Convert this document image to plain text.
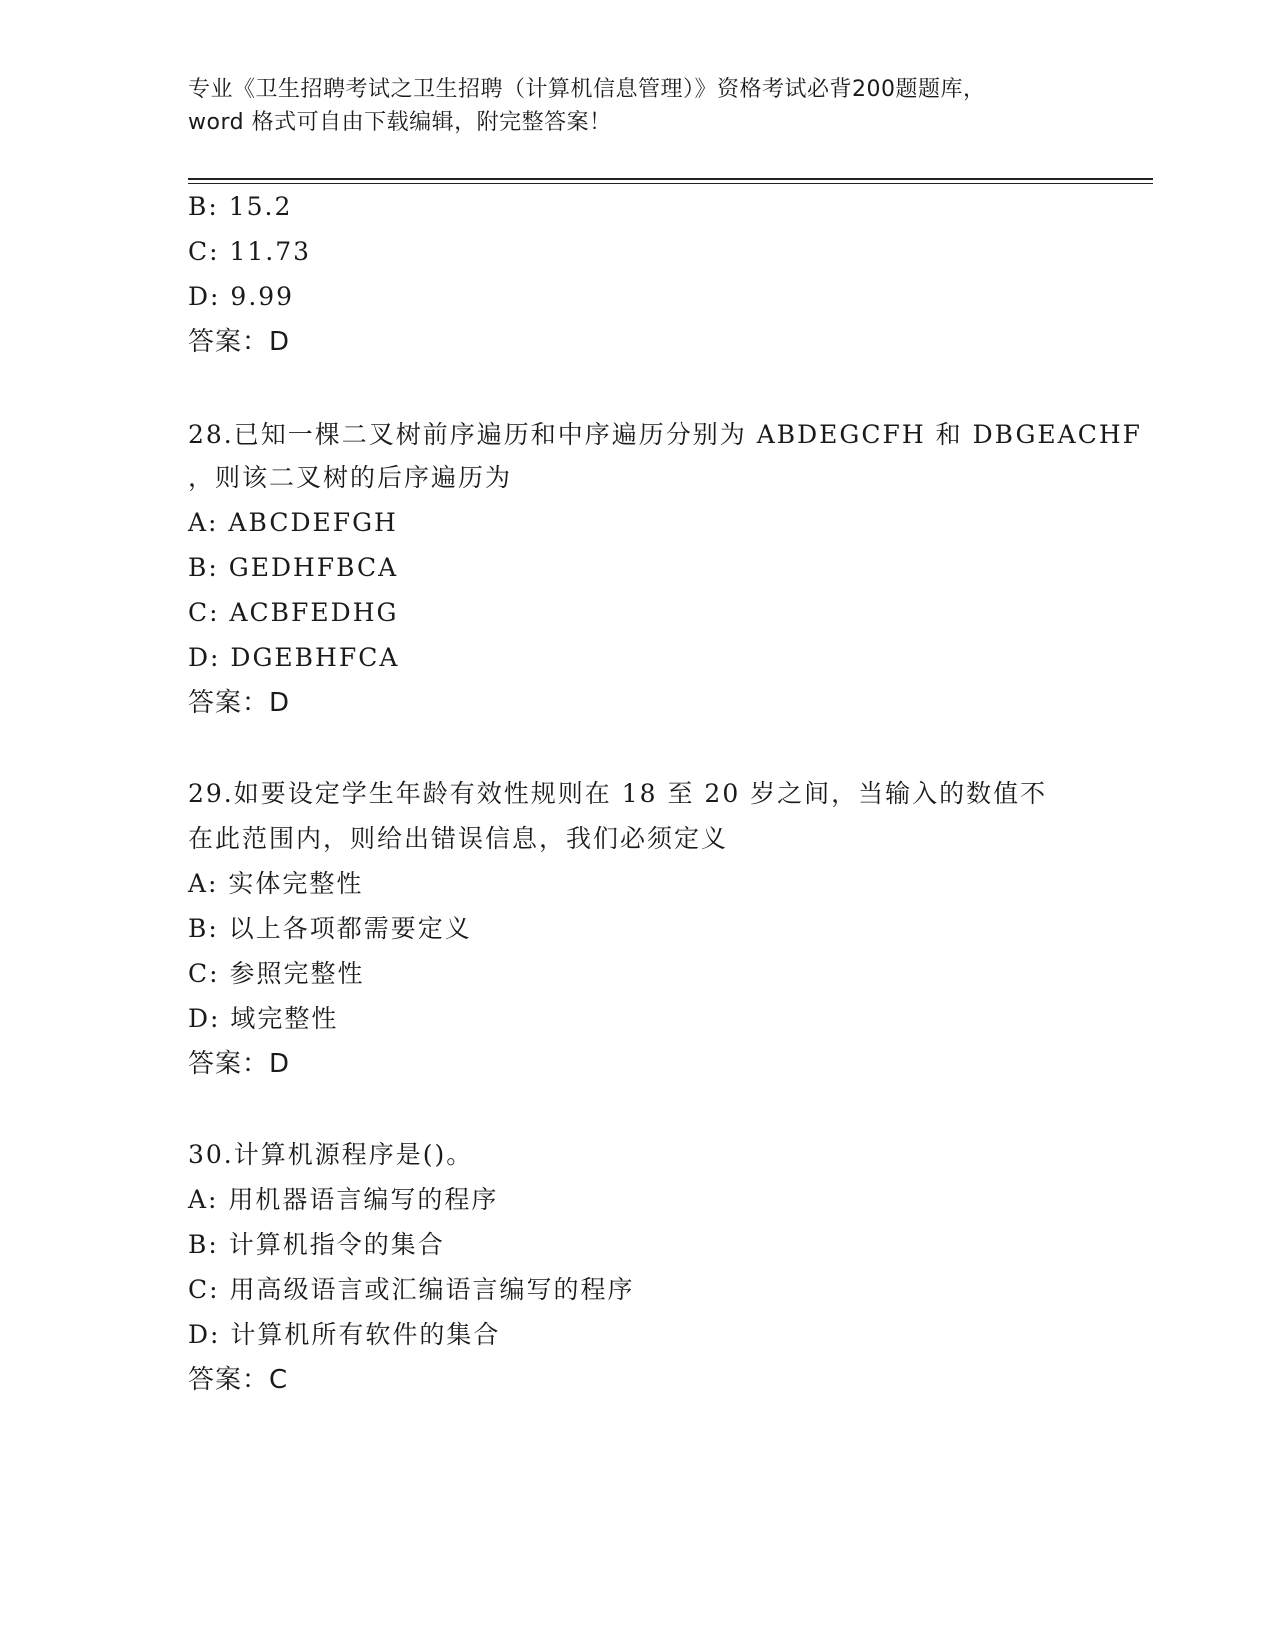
专业《卫生招聘考试之卫生招聘（计算机信息管理）》资格考试必背200题题库，
word 格式可自由下载编辑，附完整答案！
B: 15.2
C: 11.73
D: 9.99
答案：D
28.已知一棵二叉树前序遍历和中序遍历分别为 ABDEGCFH 和 DBGEACHF
，则该二叉树的后序遍历为
A: ABCDEFGH
B: GEDHFBCA
C: ACBFEDHG
D: DGEBHFCA
答案：D
29.如要设定学生年龄有效性规则在 18 至 20 岁之间，当输入的数值不
在此范围内，则给出错误信息，我们必须定义
A: 实体完整性
B: 以上各项都需要定义
C: 参照完整性
D: 域完整性
答案：D
30.计算机源程序是()。
A: 用机器语言编写的程序
B: 计算机指令的集合
C: 用高级语言或汇编语言编写的程序
D: 计算机所有软件的集合
答案：C
